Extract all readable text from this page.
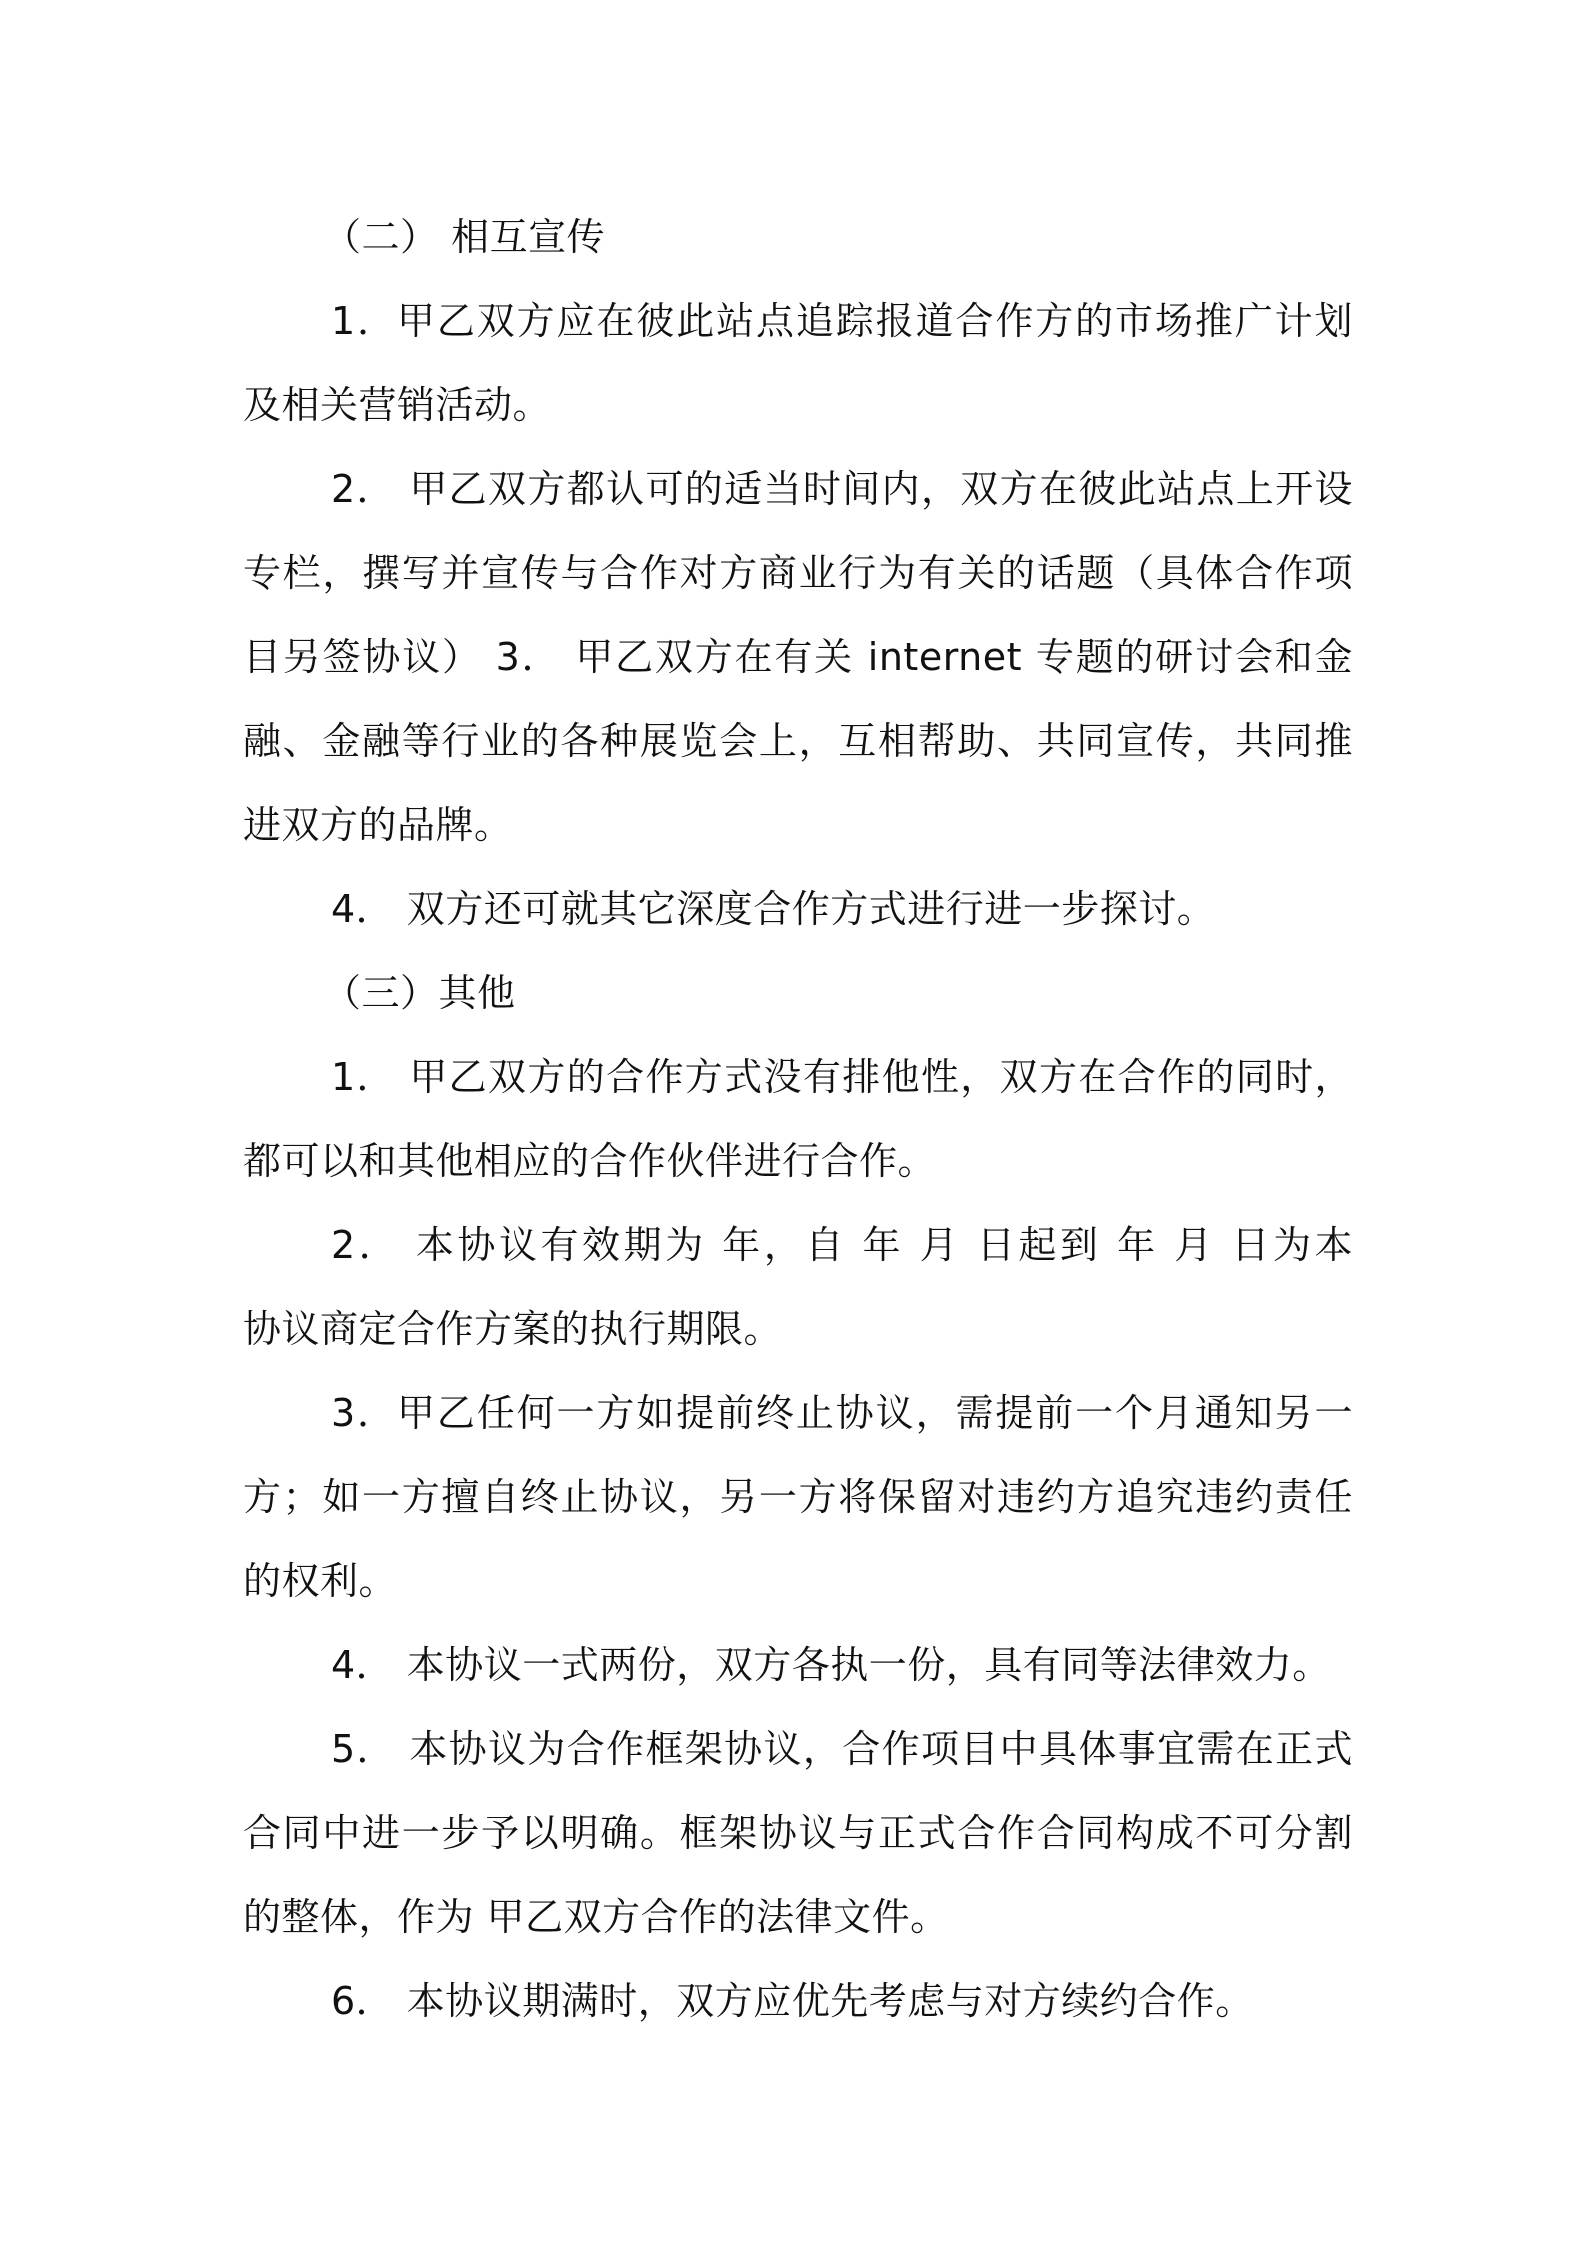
（二） 相互宣传
1．甲乙双方应在彼此站点追踪报道合作方的市场推广计划
及相关营销活动。
2． 甲乙双方都认可的适当时间内，双方在彼此站点上开设
专栏，撰写并宣传与合作对方商业行为有关的话题（具体合作项
目另签协议） 3． 甲乙双方在有关 internet 专题的研讨会和金
融、金融等行业的各种展览会上，互相帮助、共同宣传，共同推
进双方的品牌。
4． 双方还可就其它深度合作方式进行进一步探讨。
（三）其他
1． 甲乙双方的合作方式没有排他性，双方在合作的同时，
都可以和其他相应的合作伙伴进行合作。
2． 本协议有效期为 年，自 年 月 日起到 年 月 日为本
协议商定合作方案的执行期限。
3．甲乙任何一方如提前终止协议，需提前一个月通知另一
方；如一方擅自终止协议，另一方将保留对违约方追究违约责任
的权利。
4． 本协议一式两份，双方各执一份，具有同等法律效力。
5． 本协议为合作框架协议，合作项目中具体事宜需在正式
合同中进一步予以明确。框架协议与正式合作合同构成不可分割
的整体，作为 甲乙双方合作的法律文件。
6． 本协议期满时，双方应优先考虑与对方续约合作。
